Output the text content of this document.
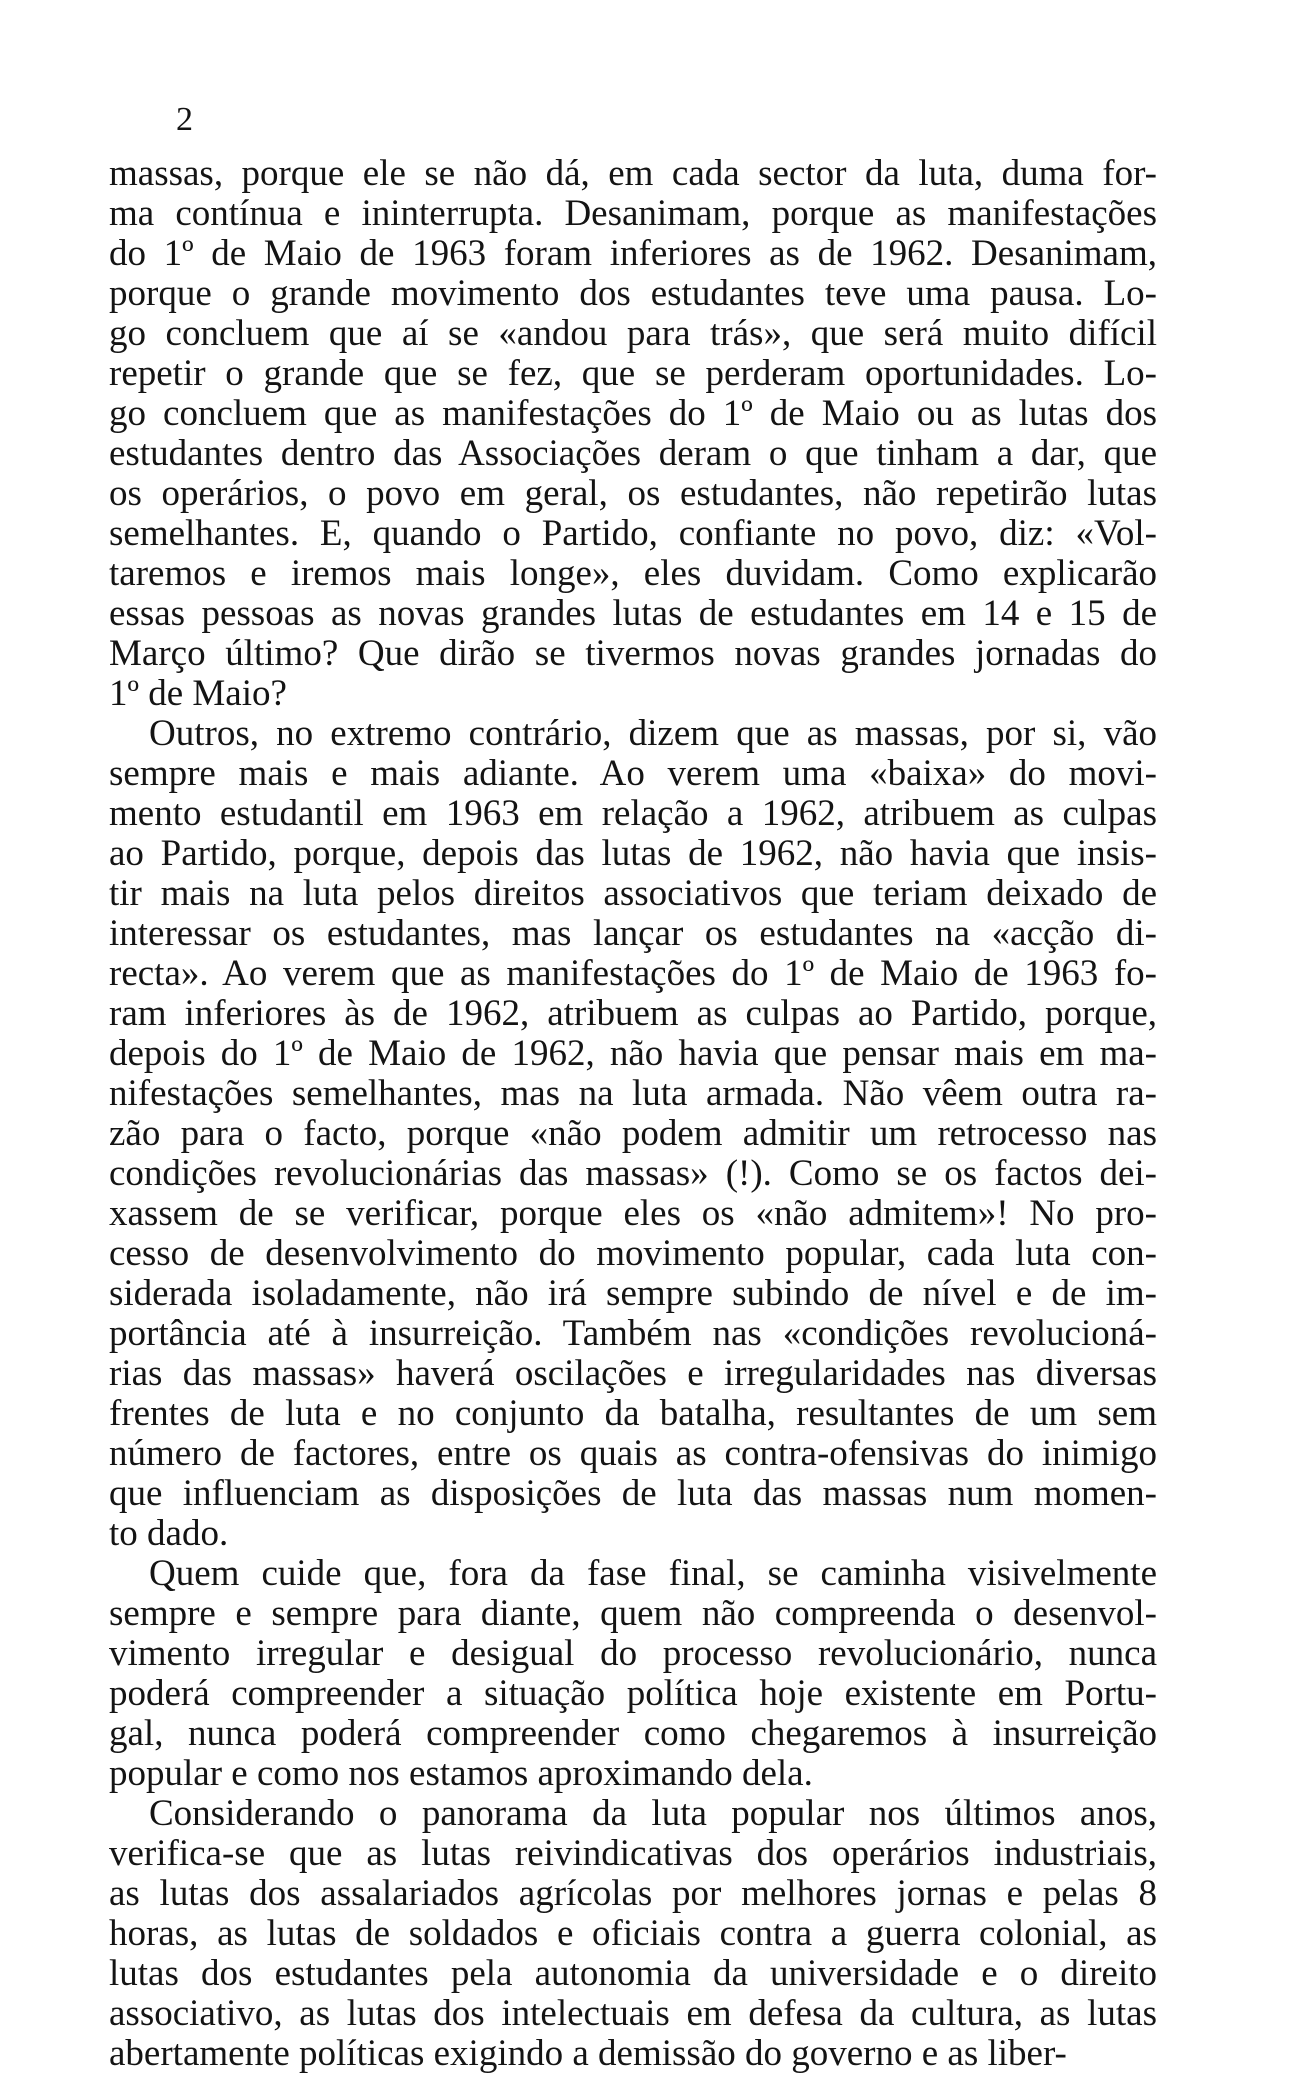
2
massas, porque ele se não dá, em cada sector da luta, duma for-
ma contínua e ininterrupta. Desanimam, porque as manifestações
do 1º de Maio de 1963 foram inferiores as de 1962. Desanimam,
porque o grande movimento dos estudantes teve uma pausa. Lo-
go concluem que aí se «andou para trás», que será muito difícil
repetir o grande que se fez, que se perderam oportunidades. Lo-
go concluem que as manifestações do 1º de Maio ou as lutas dos
estudantes dentro das Associações deram o que tinham a dar, que
os operários, o povo em geral, os estudantes, não repetirão lutas
semelhantes. E, quando o Partido, confiante no povo, diz: «Vol-
taremos e iremos mais longe», eles duvidam. Como explicarão
essas pessoas as novas grandes lutas de estudantes em 14 e 15 de
Março último? Que dirão se tivermos novas grandes jornadas do
1º de Maio?
Outros, no extremo contrário, dizem que as massas, por si, vão
sempre mais e mais adiante. Ao verem uma «baixa» do movi-
mento estudantil em 1963 em relação a 1962, atribuem as culpas
ao Partido, porque, depois das lutas de 1962, não havia que insis-
tir mais na luta pelos direitos associativos que teriam deixado de
interessar os estudantes, mas lançar os estudantes na «acção di-
recta». Ao verem que as manifestações do 1º de Maio de 1963 fo-
ram inferiores às de 1962, atribuem as culpas ao Partido, porque,
depois do 1º de Maio de 1962, não havia que pensar mais em ma-
nifestações semelhantes, mas na luta armada. Não vêem outra ra-
zão para o facto, porque «não podem admitir um retrocesso nas
condições revolucionárias das massas» (!). Como se os factos dei-
xassem de se verificar, porque eles os «não admitem»! No pro-
cesso de desenvolvimento do movimento popular, cada luta con-
siderada isoladamente, não irá sempre subindo de nível e de im-
portância até à insurreição. Também nas «condições revolucioná-
rias das massas» haverá oscilações e irregularidades nas diversas
frentes de luta e no conjunto da batalha, resultantes de um sem
número de factores, entre os quais as contra-ofensivas do inimigo
que influenciam as disposições de luta das massas num momen-
to dado.
Quem cuide que, fora da fase final, se caminha visivelmente
sempre e sempre para diante, quem não compreenda o desenvol-
vimento irregular e desigual do processo revolucionário, nunca
poderá compreender a situação política hoje existente em Portu-
gal, nunca poderá compreender como chegaremos à insurreição
popular e como nos estamos aproximando dela.
Considerando o panorama da luta popular nos últimos anos,
verifica-se que as lutas reivindicativas dos operários industriais,
as lutas dos assalariados agrícolas por melhores jornas e pelas 8
horas, as lutas de soldados e oficiais contra a guerra colonial, as
lutas dos estudantes pela autonomia da universidade e o direito
associativo, as lutas dos intelectuais em defesa da cultura, as lutas
abertamente políticas exigindo a demissão do governo e as liber-
